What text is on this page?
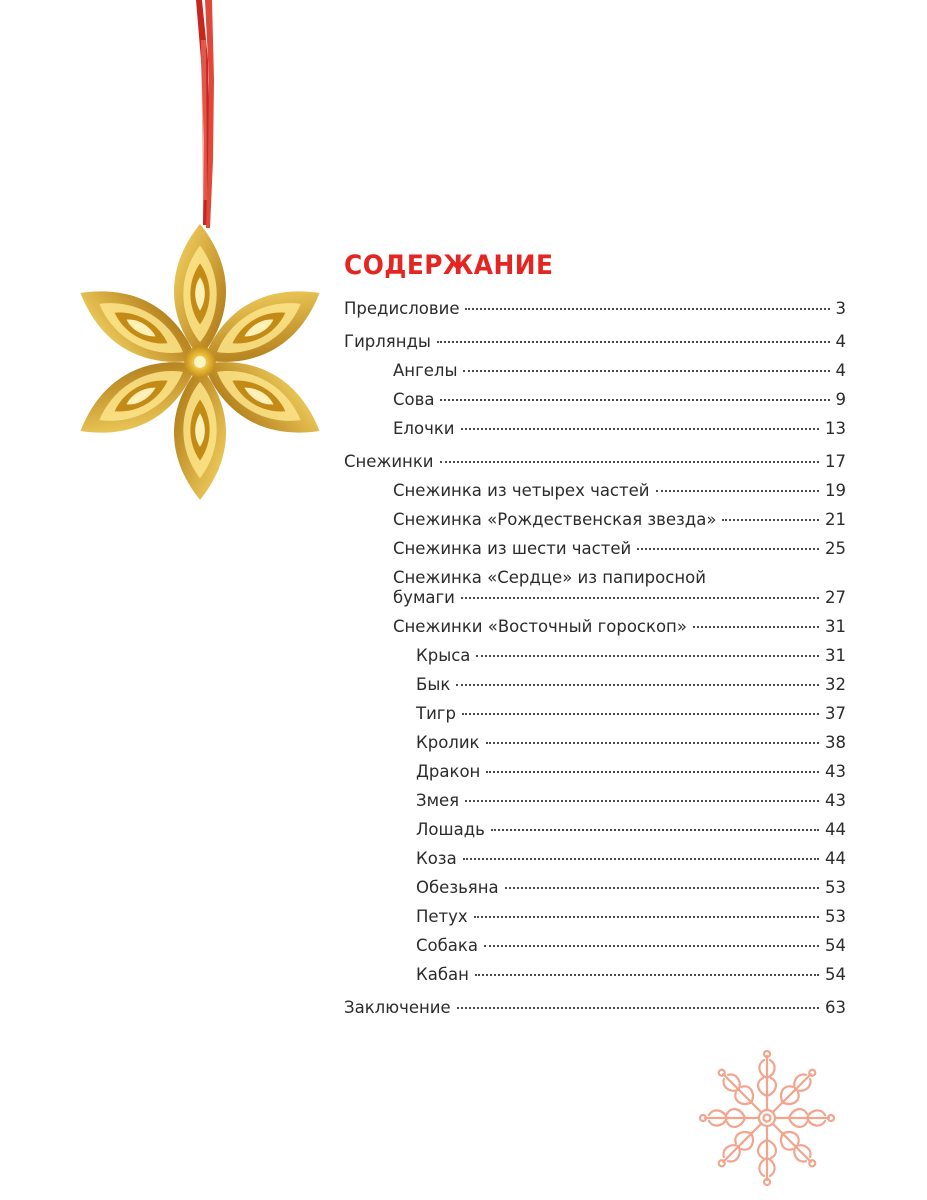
СОДЕРЖАНИЕ
Предисловие	3
Гирлянды	4
Ангелы	4
Сова	9
Елочки	13
Снежинки	17
Снежинка из четырех частей	19
Снежинка «Рождественская звезда»	21
Снежинка из шести частей	25
Снежинка «Сердце» из папиросной
бумаги	27
Снежинки «Восточный гороскоп»	31
Крыса	31
Бык	32
Тигр	37
Кролик	38
Дракон	43
Змея	43
Лошадь	44
Коза	44
Обезьяна	53
Петух	53
Собака	54
Кабан	54
Заключение	63
